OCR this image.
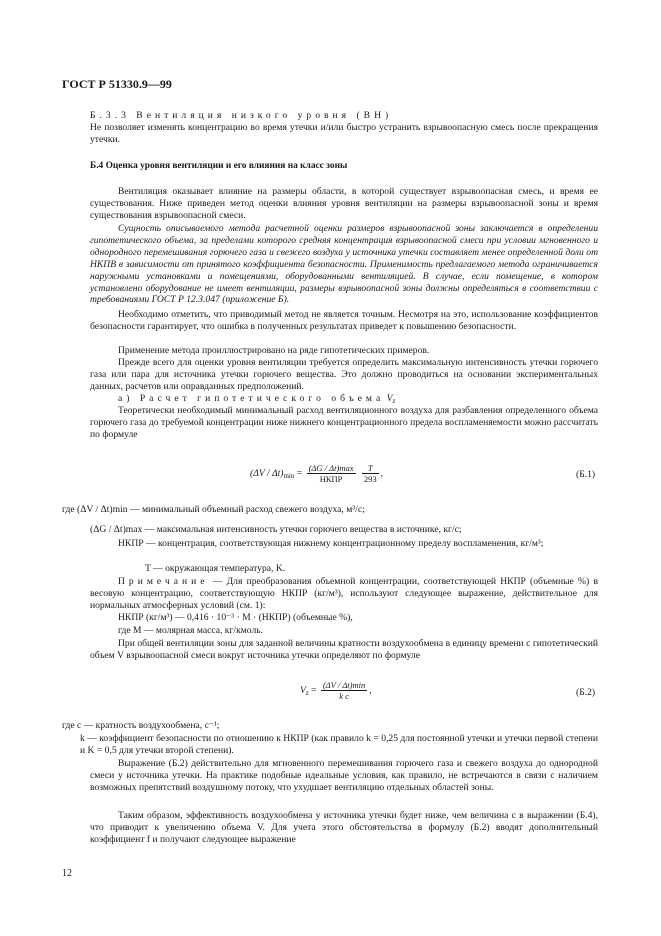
ГОСТ Р 51330.9—99
Б.3.3 Вентиляция низкого уровня (ВН)
Не позволяет изменять концентрацию во время утечки и/или быстро устранить взрывоопасную смесь после прекращения утечки.
Б.4 Оценка уровня вентиляции и его влияния на класс зоны
Вентиляция оказывает влияние на размеры области, в которой существует взрывоопасная смесь, и время ее существования. Ниже приведен метод оценки влияния уровня вентиляции на размеры взрывоопасной зоны и время существования взрывоопасной смеси.
Сущность описываемого метода расчетной оценки размеров взрывоопасной зоны заключается в определении гипотетического объема, за пределами которого средняя концентрация взрывоопасной смеси при условии мгновенного и однородного перемешивания горючего газа и свежего воздуха у источника утечки составляет менее определенной доли от НКПВ в зависимости от принятого коэффициента безопасности. Применимость предлагаемого метода ограничивается наружными установками и помещениями, оборудованными вентиляцией. В случае, если помещение, в котором установлено оборудование не имеет вентиляции, размеры взрывоопасной зоны должны определяться в соответствии с требованиями ГОСТ Р 12.3.047 (приложение Б).
Необходимо отметить, что приводимый метод не является точным. Несмотря на это, использование коэффициентов безопасности гарантирует, что ошибка в полученных результатах приведет к повышению безопасности.
Применение метода проиллюстрировано на ряде гипотетических примеров.
Прежде всего для оценки уровня вентиляции требуется определить максимальную интенсивность утечки горючего газа или пара для источника утечки горючего вещества. Это должно проводиться на основании экспериментальных данных, расчетов или оправданных предположений.
а) Расчет гипотетического объема $V_z$
Теоретически необходимый минимальный расход вентиляционного воздуха для разбавления определенного объема горючего газа до требуемой концентрации ниже нижнего концентрационного предела воспламеняемости можно рассчитать по формуле
$(\Delta V / \Delta t)_{min} = \frac{(\Delta G / \Delta t)\max}{\text{НКПР}}$
$\frac{T}{293}$ ,	(Б.1)
где (ΔV / Δt)min — минимальный объемный расход свежего воздуха, м³/с;
(ΔG / Δt)max — максимальная интенсивность утечки горючего вещества в источнике, кг/с;
НКПР — концентрация, соответствующая нижнему концентрационному пределу воспламенения, кг/м³;
T — окружающая температура, K.
Примечание — Для преобразования объемной концентрации, соответствующей НКПР (объемные %) в весовую концентрацию, соответствующую НКПР (кг/м³), используют следующее выражение, действительное для нормальных атмосферных условий (см. 1):
НКПР (кг/м³) — 0,416 · 10⁻³ · M · (НКПР) (объемные %),
где M — молярная масса, кг/кмоль.
При общей вентиляции зоны для заданной величины кратности воздухообмена в единицу времени c гипотетический объем V взрывоопасной смеси вокруг источника утечки определяют по формуле
$V_z = \frac{(\Delta V / \Delta t)\min}{\text{k c}}$ ,	(Б.2)
где c — кратность воздухообмена, с⁻¹;
k — коэффициент безопасности по отношению к НКПР (как правило k = 0,25 для постоянной утечки и утечки первой степени и K = 0,5 для утечки второй степени).
Выражение (Б.2) действительно для мгновенного перемешивания горючего газа и свежего воздуха до однородной смеси у источника утечки. На практике подобные идеальные условия, как правило, не встречаются в связи с наличием возможных препятствий воздушному потоку, что ухудшает вентиляцию отдельных областей зоны.
Таким образом, эффективность воздухообмена у источника утечки будет ниже, чем величина c в выражении (Б.4), что приводит к увеличению объема V. Для учета этого обстоятельства в формулу (Б.2) вводят дополнительный коэффициент f и получают следующее выражение
12
